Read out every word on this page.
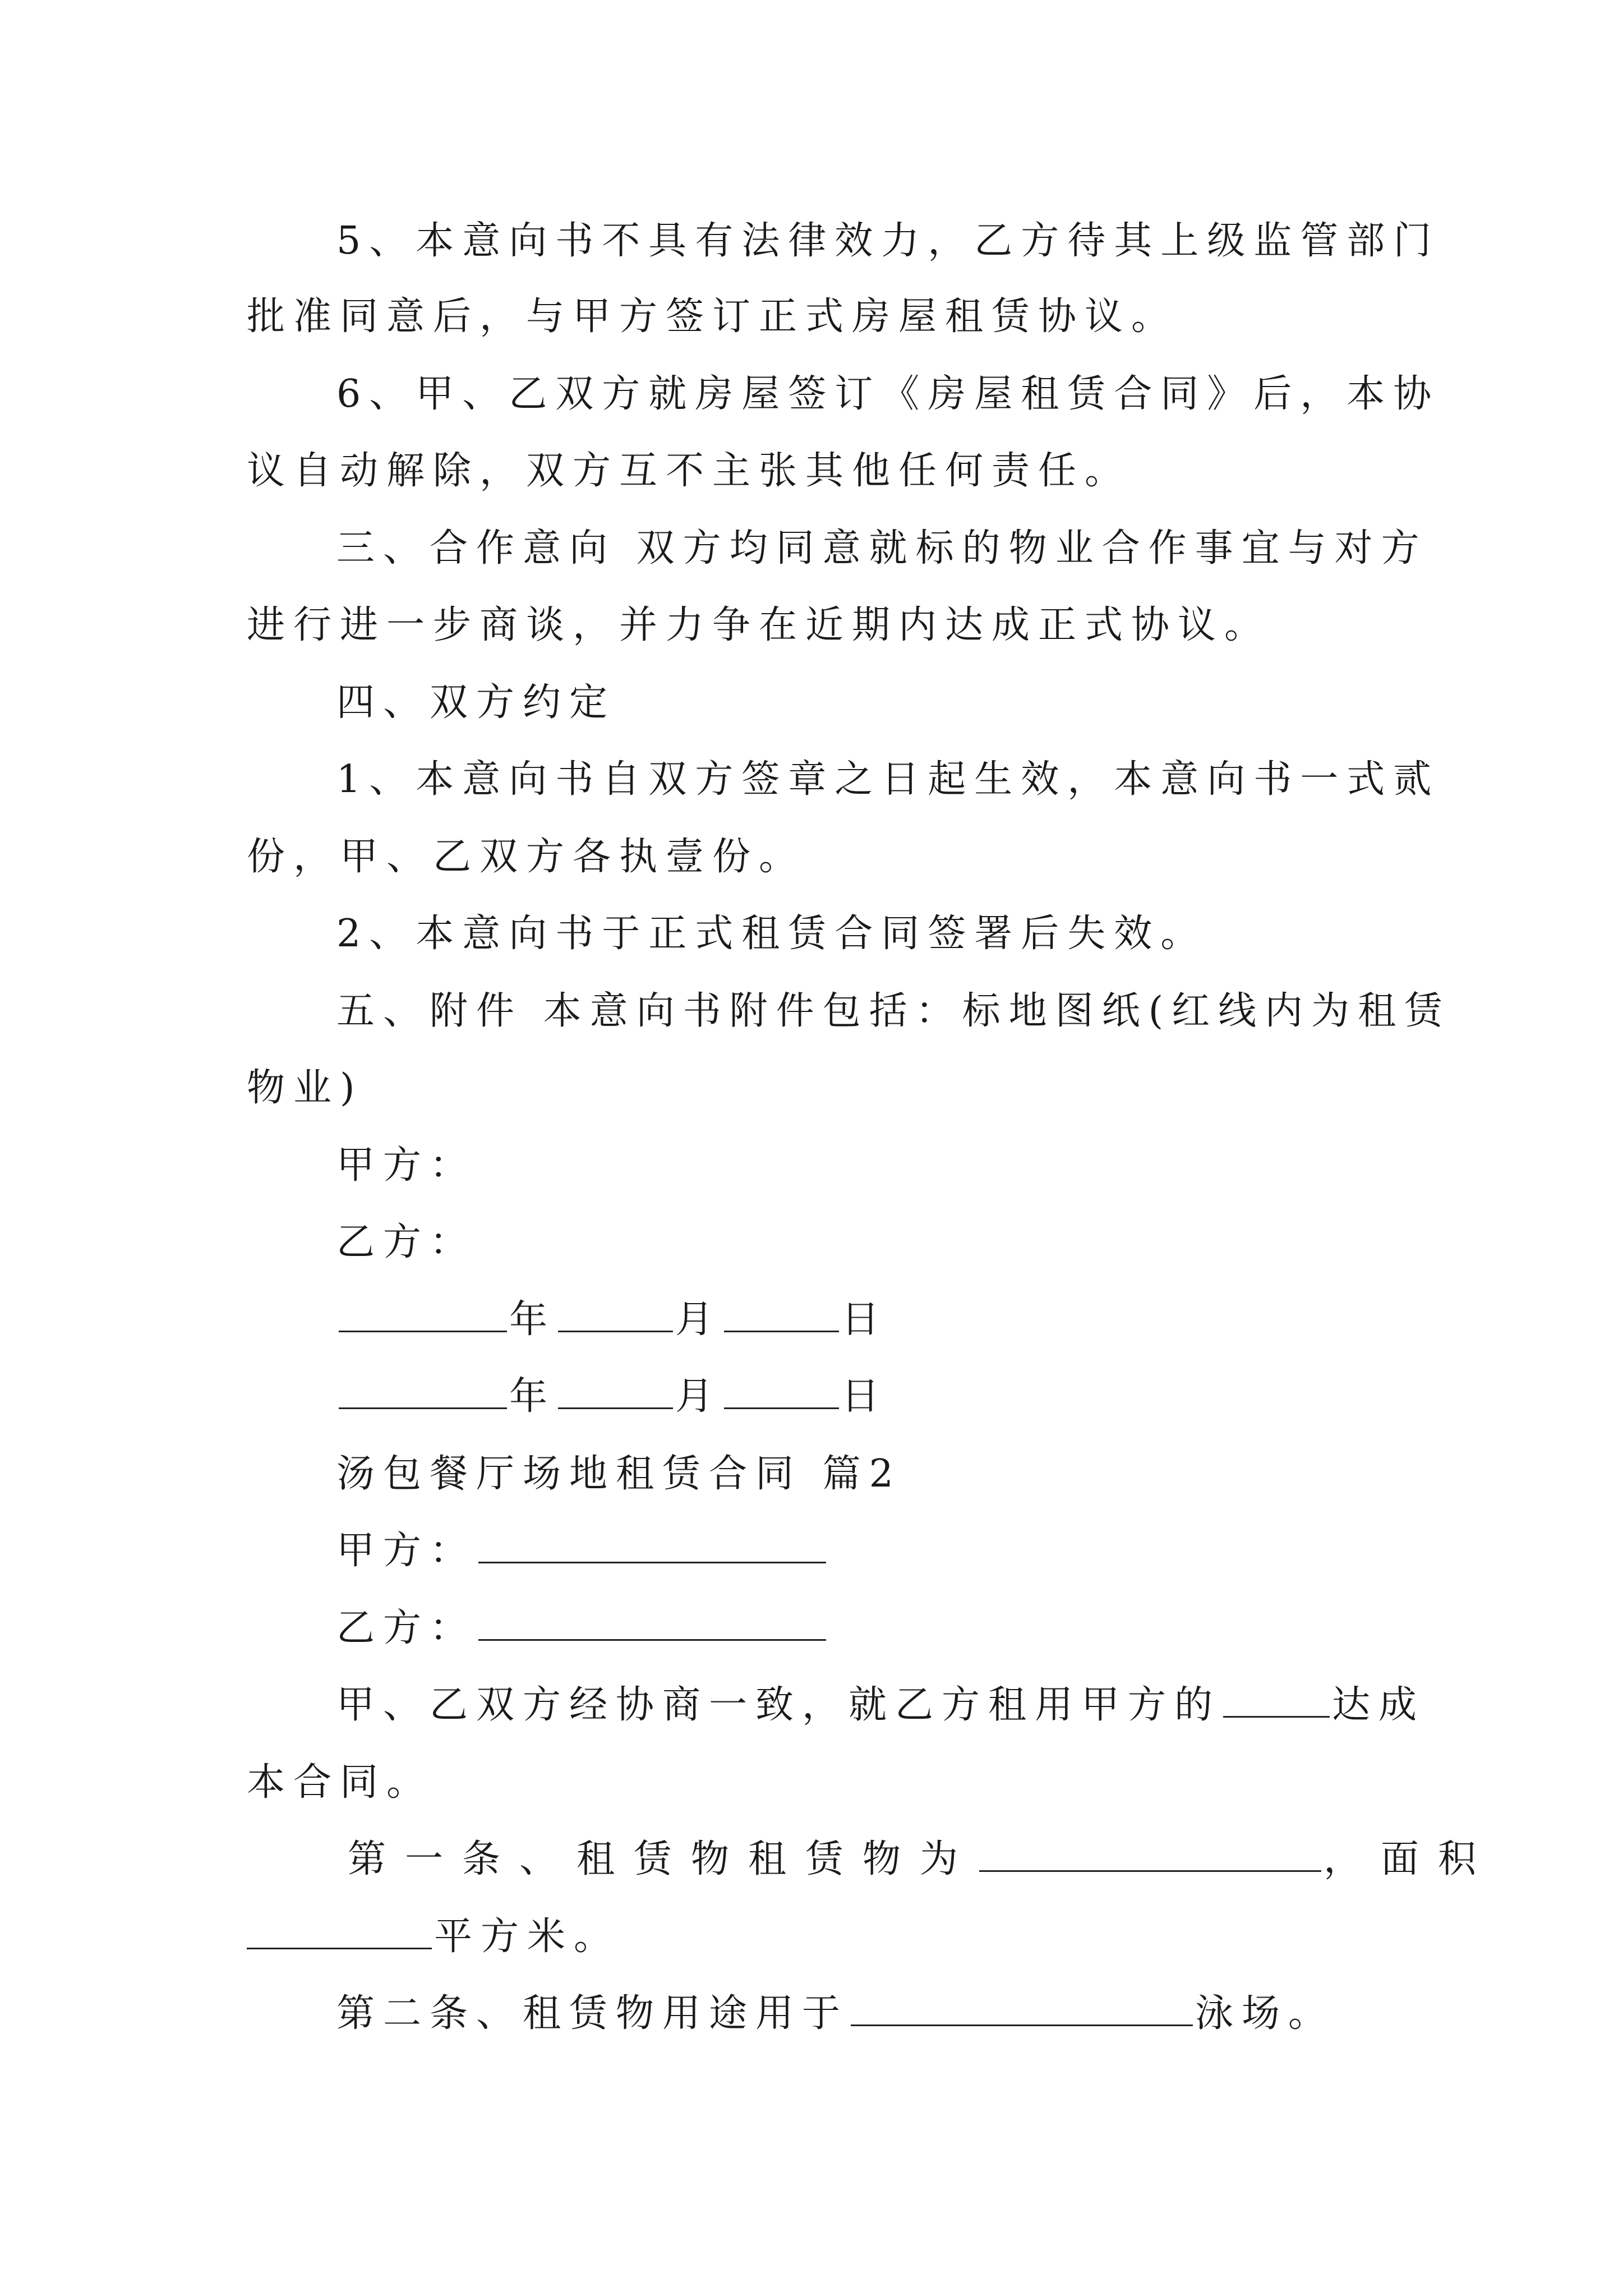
5、本意向书不具有法律效力，乙方待其上级监管部门
批准同意后，与甲方签订正式房屋租赁协议。
6、甲、乙双方就房屋签订《房屋租赁合同》后，本协
议自动解除，双方互不主张其他任何责任。
三、合作意向 双方均同意就标的物业合作事宜与对方
进行进一步商谈，并力争在近期内达成正式协议。
四、双方约定
1、本意向书自双方签章之日起生效，本意向书一式贰
份，甲、乙双方各执壹份。
2、本意向书于正式租赁合同签署后失效。
五、附件 本意向书附件包括：标地图纸(红线内为租赁
物业)
甲方：
乙方：
年	月	日
年	月	日
汤包餐厅场地租赁合同 篇2
甲方：
乙方：
甲、乙双方经协商一致，就乙方租用甲方的	达成
本合同。
第一条、租赁物租赁物为	，面积
平方米。
第二条、租赁物用途用于	泳场。
